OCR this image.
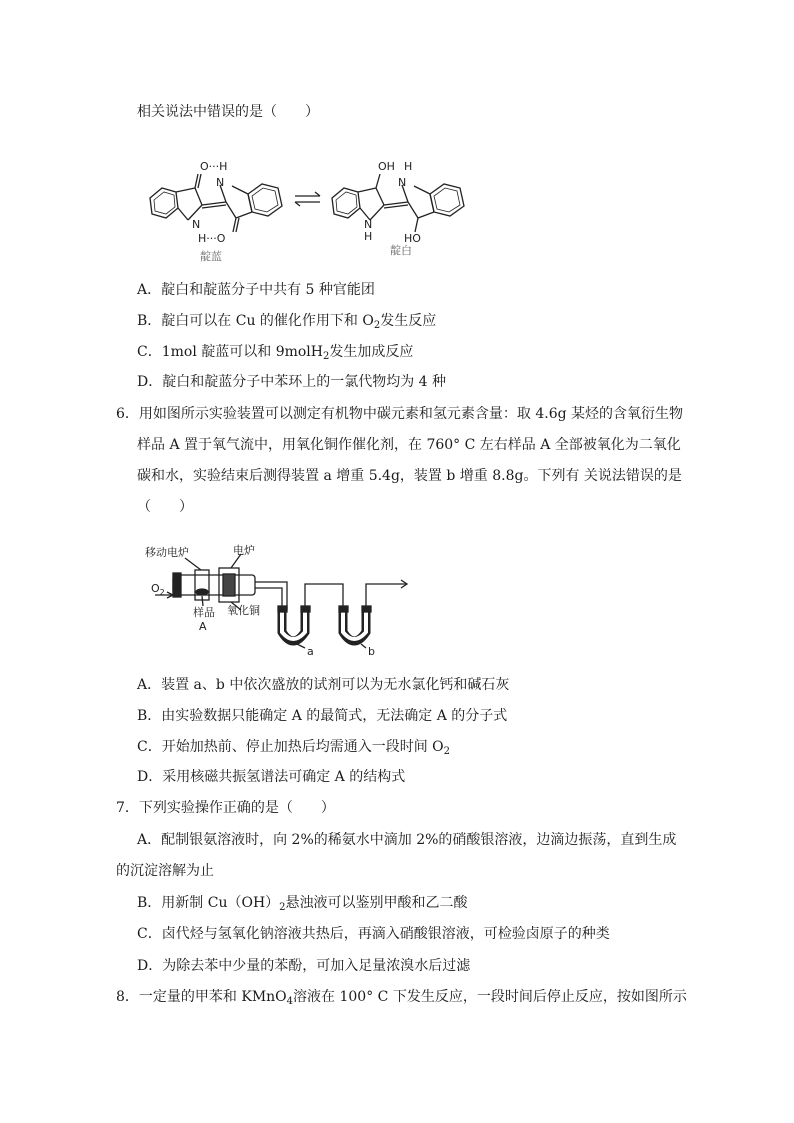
相关说法中错误的是（　　）
O···H
N
N
H···O
靛蓝
OH H
N
N
H	HO
靛白
A．靛白和靛蓝分子中共有 5 种官能团
B．靛白可以在 Cu 的催化作用下和 $O_2$发生反应
C．1mol 靛蓝可以和 9molH$_2$发生加成反应
D．靛白和靛蓝分子中苯环上的一氯代物均为 4 种
6．用如图所示实验装置可以测定有机物中碳元素和氢元素含量：取 4.6g 某烃的含氧衍生物
样品 A 置于氧气流中，用氧化铜作催化剂，在 760° C 左右样品 A 全部被氧化为二氧化
碳和水，实验结束后测得装置 a 增重 5.4g，装置 b 增重 8.8g。下列有 关说法错误的是
（　　）
移动电炉	电炉
$O_2$
样品
A
氧化铜
a	b
A．装置 a、b 中依次盛放的试剂可以为无水氯化钙和碱石灰
B．由实验数据只能确定 A 的最简式，无法确定 A 的分子式
C．开始加热前、停止加热后均需通入一段时间 $O_2$
D．采用核磁共振氢谱法可确定 A 的结构式
7．下列实验操作正确的是（　　）
A．配制银氨溶液时，向 2%的稀氨水中滴加 2%的硝酸银溶液，边滴边振荡，直到生成
的沉淀溶解为止
B．用新制 $Cu(OH)_2$悬浊液可以鉴别甲酸和乙二酸
C．卤代烃与氢氧化钠溶液共热后，再滴入硝酸银溶液，可检验卤原子的种类
D．为除去苯中少量的苯酚，可加入足量浓溴水后过滤
8．一定量的甲苯和 KMnO$_4$溶液在 100° C 下发生反应，一段时间后停止反应，按如图所示
